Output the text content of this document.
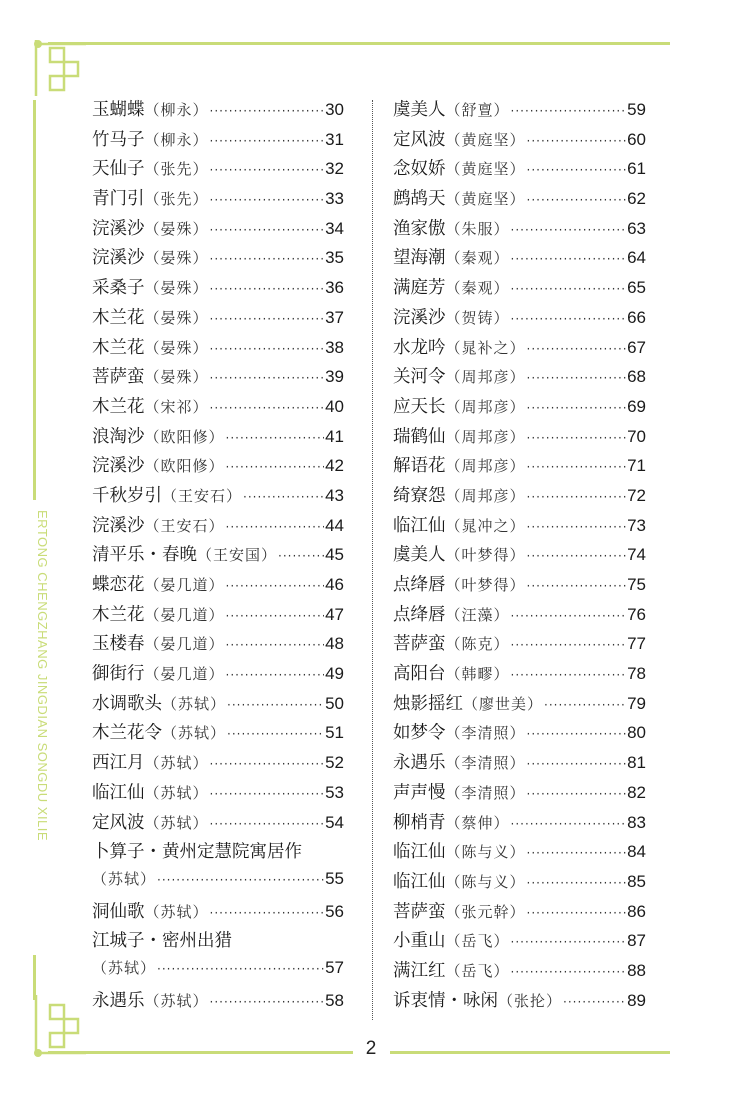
ERTONG CHENGZHANG JINGDIAN SONGDU XILIE
玉蝴蝶 （柳永） ·····	30
竹马子 （柳永） ·····	31
天仙子 （张先） ·····	32
青门引 （张先） ·····	33
浣溪沙 （晏殊） ·····	34
浣溪沙 （晏殊） ·····	35
采桑子 （晏殊） ·····	36
木兰花 （晏殊） ·····	37
木兰花 （晏殊） ·····	38
菩萨蛮 （晏殊） ·····	39
木兰花 （宋祁） ·····	40
浪淘沙 （欧阳修） ·····	41
浣溪沙 （欧阳修） ·····	42
千秋岁引 （王安石） ·····	43
浣溪沙 （王安石） ·····	44
清平乐・春晚 （王安国） ·····	45
蝶恋花 （晏几道） ·····	46
木兰花 （晏几道） ·····	47
玉楼春 （晏几道） ·····	48
御街行 （晏几道） ·····	49
水调歌头 （苏轼） ·····	50
木兰花令 （苏轼） ·····	51
西江月 （苏轼） ·····	52
临江仙 （苏轼） ·····	53
定风波 （苏轼） ·····	54
卜算子・黄州定慧院寓居作
（苏轼） ·····	55
洞仙歌 （苏轼） ·····	56
江城子・密州出猎
（苏轼） ·····	57
永遇乐 （苏轼） ·····	58
虞美人 （舒亶） ·····	59
定风波 （黄庭坚） ·····	60
念奴娇 （黄庭坚） ·····	61
鹧鸪天 （黄庭坚） ·····	62
渔家傲 （朱服） ·····	63
望海潮 （秦观） ·····	64
满庭芳 （秦观） ·····	65
浣溪沙 （贺铸） ·····	66
水龙吟 （晁补之） ·····	67
关河令 （周邦彦） ·····	68
应天长 （周邦彦） ·····	69
瑞鹤仙 （周邦彦） ·····	70
解语花 （周邦彦） ·····	71
绮寮怨 （周邦彦） ·····	72
临江仙 （晁冲之） ·····	73
虞美人 （叶梦得） ·····	74
点绛唇 （叶梦得） ·····	75
点绛唇 （汪藻） ·····	76
菩萨蛮 （陈克） ·····	77
高阳台 （韩疁） ·····	78
烛影摇红 （廖世美） ·····	79
如梦令 （李清照） ·····	80
永遇乐 （李清照） ·····	81
声声慢 （李清照） ·····	82
柳梢青 （蔡伸） ·····	83
临江仙 （陈与义） ·····	84
临江仙 （陈与义） ·····	85
菩萨蛮 （张元幹） ·····	86
小重山 （岳飞） ·····	87
满江红 （岳飞） ·····	88
诉衷情・咏闲 （张抡） ·····	89
2
